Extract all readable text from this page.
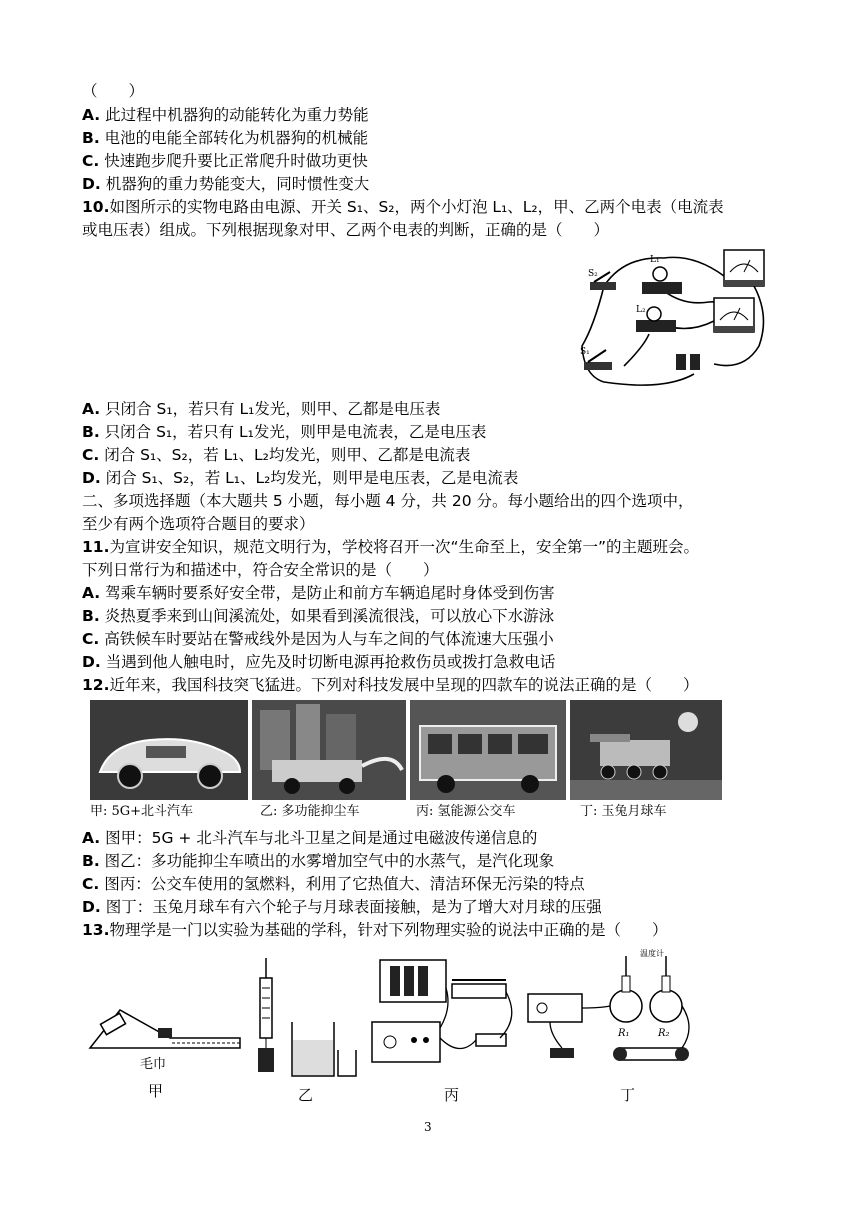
（　　）
A. 此过程中机器狗的动能转化为重力势能
B. 电池的电能全部转化为机器狗的机械能
C. 快速跑步爬升要比正常爬升时做功更快
D. 机器狗的重力势能变大，同时惯性变大
10.如图所示的实物电路由电源、开关 S₁、S₂，两个小灯泡 L₁、L₂，甲、乙两个电表（电流表
或电压表）组成。下列根据现象对甲、乙两个电表的判断，正确的是（　　）
S₂
L₁
L₂
S₁
A. 只闭合 S₁，若只有 L₁发光，则甲、乙都是电压表
B. 只闭合 S₁，若只有 L₁发光，则甲是电流表，乙是电压表
C. 闭合 S₁、S₂，若 L₁、L₂均发光，则甲、乙都是电流表
D. 闭合 S₁、S₂，若 L₁、L₂均发光，则甲是电压表，乙是电流表
二、多项选择题（本大题共 5 小题，每小题 4 分，共 20 分。每小题给出的四个选项中，
至少有两个选项符合题目的要求）
11.为宣讲安全知识，规范文明行为，学校将召开一次“生命至上，安全第一”的主题班会。
下列日常行为和描述中，符合安全常识的是（　　）
A. 驾乘车辆时要系好安全带，是防止和前方车辆追尾时身体受到伤害
B. 炎热夏季来到山间溪流处，如果看到溪流很浅，可以放心下水游泳
C. 高铁候车时要站在警戒线外是因为人与车之间的气体流速大压强小
D. 当遇到他人触电时，应先及时切断电源再抢救伤员或拨打急救电话
12.近年来，我国科技突飞猛进。下列对科技发展中呈现的四款车的说法正确的是（　　）
甲: 5G+北斗汽车	乙: 多功能抑尘车	丙: 氢能源公交车	丁: 玉兔月球车
A. 图甲：5G + 北斗汽车与北斗卫星之间是通过电磁波传递信息的
B. 图乙：多功能抑尘车喷出的水雾增加空气中的水蒸气，是汽化现象
C. 图丙：公交车使用的氢燃料，利用了它热值大、清洁环保无污染的特点
D. 图丁：玉兔月球车有六个轮子与月球表面接触，是为了增大对月球的压强
13.物理学是一门以实验为基础的学科，针对下列物理实验的说法中正确的是（　　）
毛巾
甲	乙	丙
温度计
R₁	R₂
丁
3
